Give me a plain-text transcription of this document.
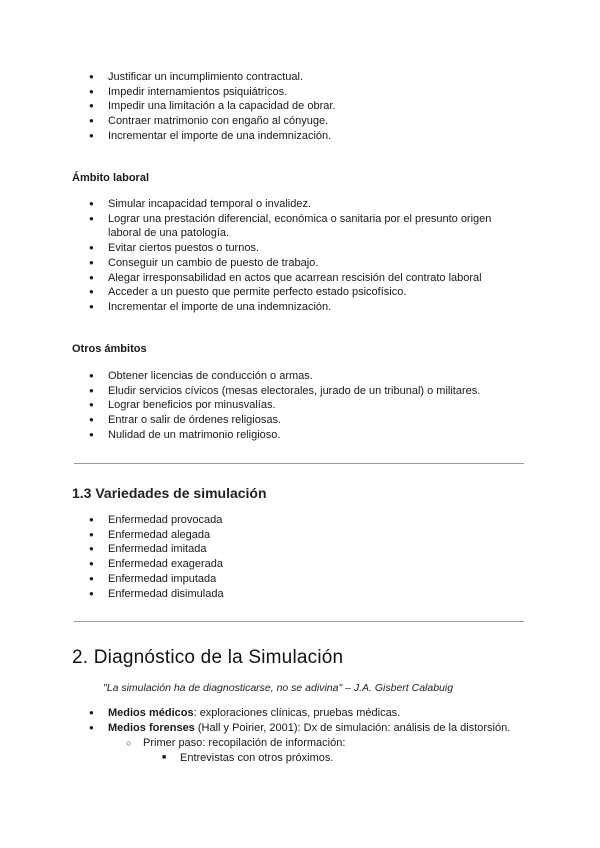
● Justificar un incumplimiento contractual.
● Impedir internamientos psiquiátricos.
● Impedir una limitación a la capacidad de obrar.
● Contraer matrimonio con engaño al cónyuge.
● Incrementar el importe de una indemnización.
Ámbito laboral
● Simular incapacidad temporal o invalidez.
● Lograr una prestación diferencial, económica o sanitaria por el presunto origen laboral de una patología.
● Evitar ciertos puestos o turnos.
● Conseguir un cambio de puesto de trabajo.
● Alegar irresponsabilidad en actos que acarrean rescisión del contrato laboral
● Acceder a un puesto que permite perfecto estado psicofísico.
● Incrementar el importe de una indemnización.
Otros ámbitos
● Obtener licencias de conducción o armas.
● Eludir servicios cívicos (mesas electorales, jurado de un tribunal) o militares.
● Lograr beneficios por minusvalías.
● Entrar o salir de órdenes religiosas.
● Nulidad de un matrimonio religioso.
1.3 Variedades de simulación
● Enfermedad provocada
● Enfermedad alegada
● Enfermedad imitada
● Enfermedad exagerada
● Enfermedad imputada
● Enfermedad disimulada
2. Diagnóstico de la Simulación
"La simulación ha de diagnosticarse, no se adivina" – J.A. Gisbert Calabuig
● Medios médicos: exploraciones clínicas, pruebas médicas.
● Medios forenses (Hall y Poirier, 2001): Dx de simulación: análisis de la distorsión.
○ Primer paso: recopilación de información:
■ Entrevistas con otros próximos.
